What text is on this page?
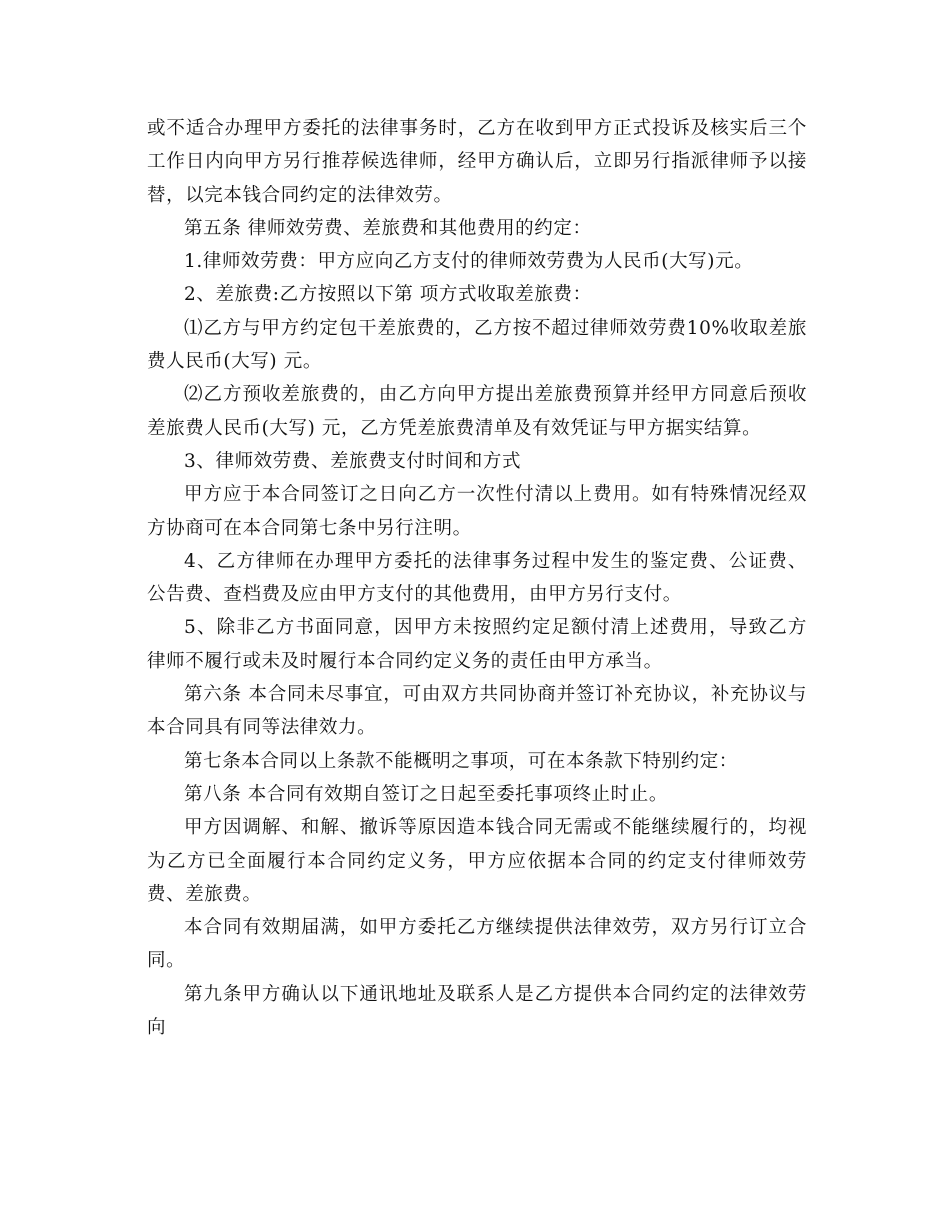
或不适合办理甲方委托的法律事务时，乙方在收到甲方正式投诉及核实后三个工作日内向甲方另行推荐候选律师，经甲方确认后，立即另行指派律师予以接替，以完本钱合同约定的法律效劳。

第五条 律师效劳费、差旅费和其他费用的约定：

1.律师效劳费：甲方应向乙方支付的律师效劳费为人民币(大写)元。

2、差旅费:乙方按照以下第 项方式收取差旅费：

⑴乙方与甲方约定包干差旅费的，乙方按不超过律师效劳费10%收取差旅费人民币(大写) 元。

⑵乙方预收差旅费的，由乙方向甲方提出差旅费预算并经甲方同意后预收差旅费人民币(大写) 元，乙方凭差旅费清单及有效凭证与甲方据实结算。

3、律师效劳费、差旅费支付时间和方式

甲方应于本合同签订之日向乙方一次性付清以上费用。如有特殊情况经双方协商可在本合同第七条中另行注明。

4、乙方律师在办理甲方委托的法律事务过程中发生的鉴定费、公证费、公告费、查档费及应由甲方支付的其他费用，由甲方另行支付。

5、除非乙方书面同意，因甲方未按照约定足额付清上述费用，导致乙方律师不履行或未及时履行本合同约定义务的责任由甲方承当。

第六条 本合同未尽事宜，可由双方共同协商并签订补充协议，补充协议与本合同具有同等法律效力。

第七条本合同以上条款不能概明之事项，可在本条款下特别约定：

第八条 本合同有效期自签订之日起至委托事项终止时止。

甲方因调解、和解、撤诉等原因造本钱合同无需或不能继续履行的，均视为乙方已全面履行本合同约定义务，甲方应依据本合同的约定支付律师效劳费、差旅费。

本合同有效期届满，如甲方委托乙方继续提供法律效劳，双方另行订立合同。

第九条甲方确认以下通讯地址及联系人是乙方提供本合同约定的法律效劳向
